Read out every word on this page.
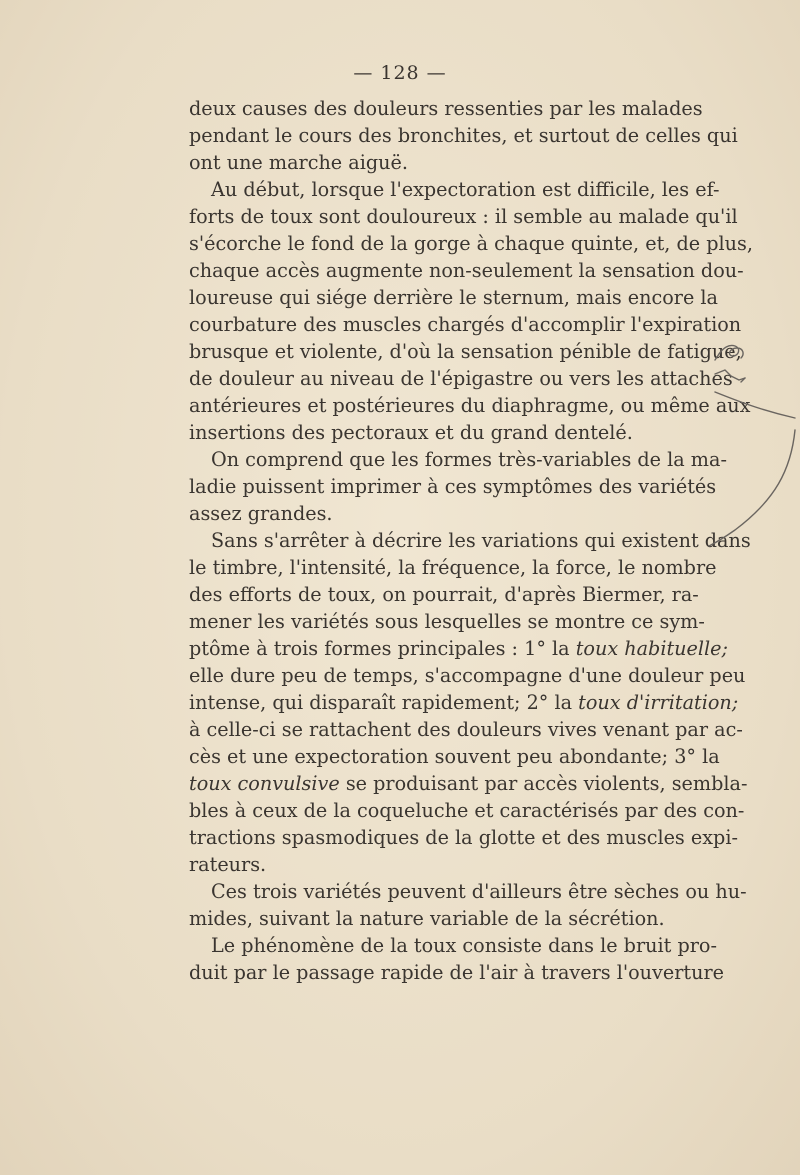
— 128 —
deux causes des douleurs ressenties par les malades
pendant le cours des bronchites, et surtout de celles qui
ont une marche aiguë.
Au début, lorsque l'expectoration est difficile, les ef-
forts de toux sont douloureux : il semble au malade qu'il
s'écorche le fond de la gorge à chaque quinte, et, de plus,
chaque accès augmente non-seulement la sensation dou-
loureuse qui siége derrière le sternum, mais encore la
courbature des muscles chargés d'accomplir l'expiration
brusque et violente, d'où la sensation pénible de fatigue,
de douleur au niveau de l'épigastre ou vers les attaches
antérieures et postérieures du diaphragme, ou même aux
insertions des pectoraux et du grand dentelé.
On comprend que les formes très-variables de la ma-
ladie puissent imprimer à ces symptômes des variétés
assez grandes.
Sans s'arrêter à décrire les variations qui existent dans
le timbre, l'intensité, la fréquence, la force, le nombre
des efforts de toux, on pourrait, d'après Biermer, ra-
mener les variétés sous lesquelles se montre ce sym-
ptôme à trois formes principales : 1° la toux habituelle;
elle dure peu de temps, s'accompagne d'une douleur peu
intense, qui disparaît rapidement; 2° la toux d'irritation;
à celle-ci se rattachent des douleurs vives venant par ac-
cès et une expectoration souvent peu abondante; 3° la
toux convulsive se produisant par accès violents, sembla-
bles à ceux de la coqueluche et caractérisés par des con-
tractions spasmodiques de la glotte et des muscles expi-
rateurs.
Ces trois variétés peuvent d'ailleurs être sèches ou hu-
mides, suivant la nature variable de la sécrétion.
Le phénomène de la toux consiste dans le bruit pro-
duit par le passage rapide de l'air à travers l'ouverture
